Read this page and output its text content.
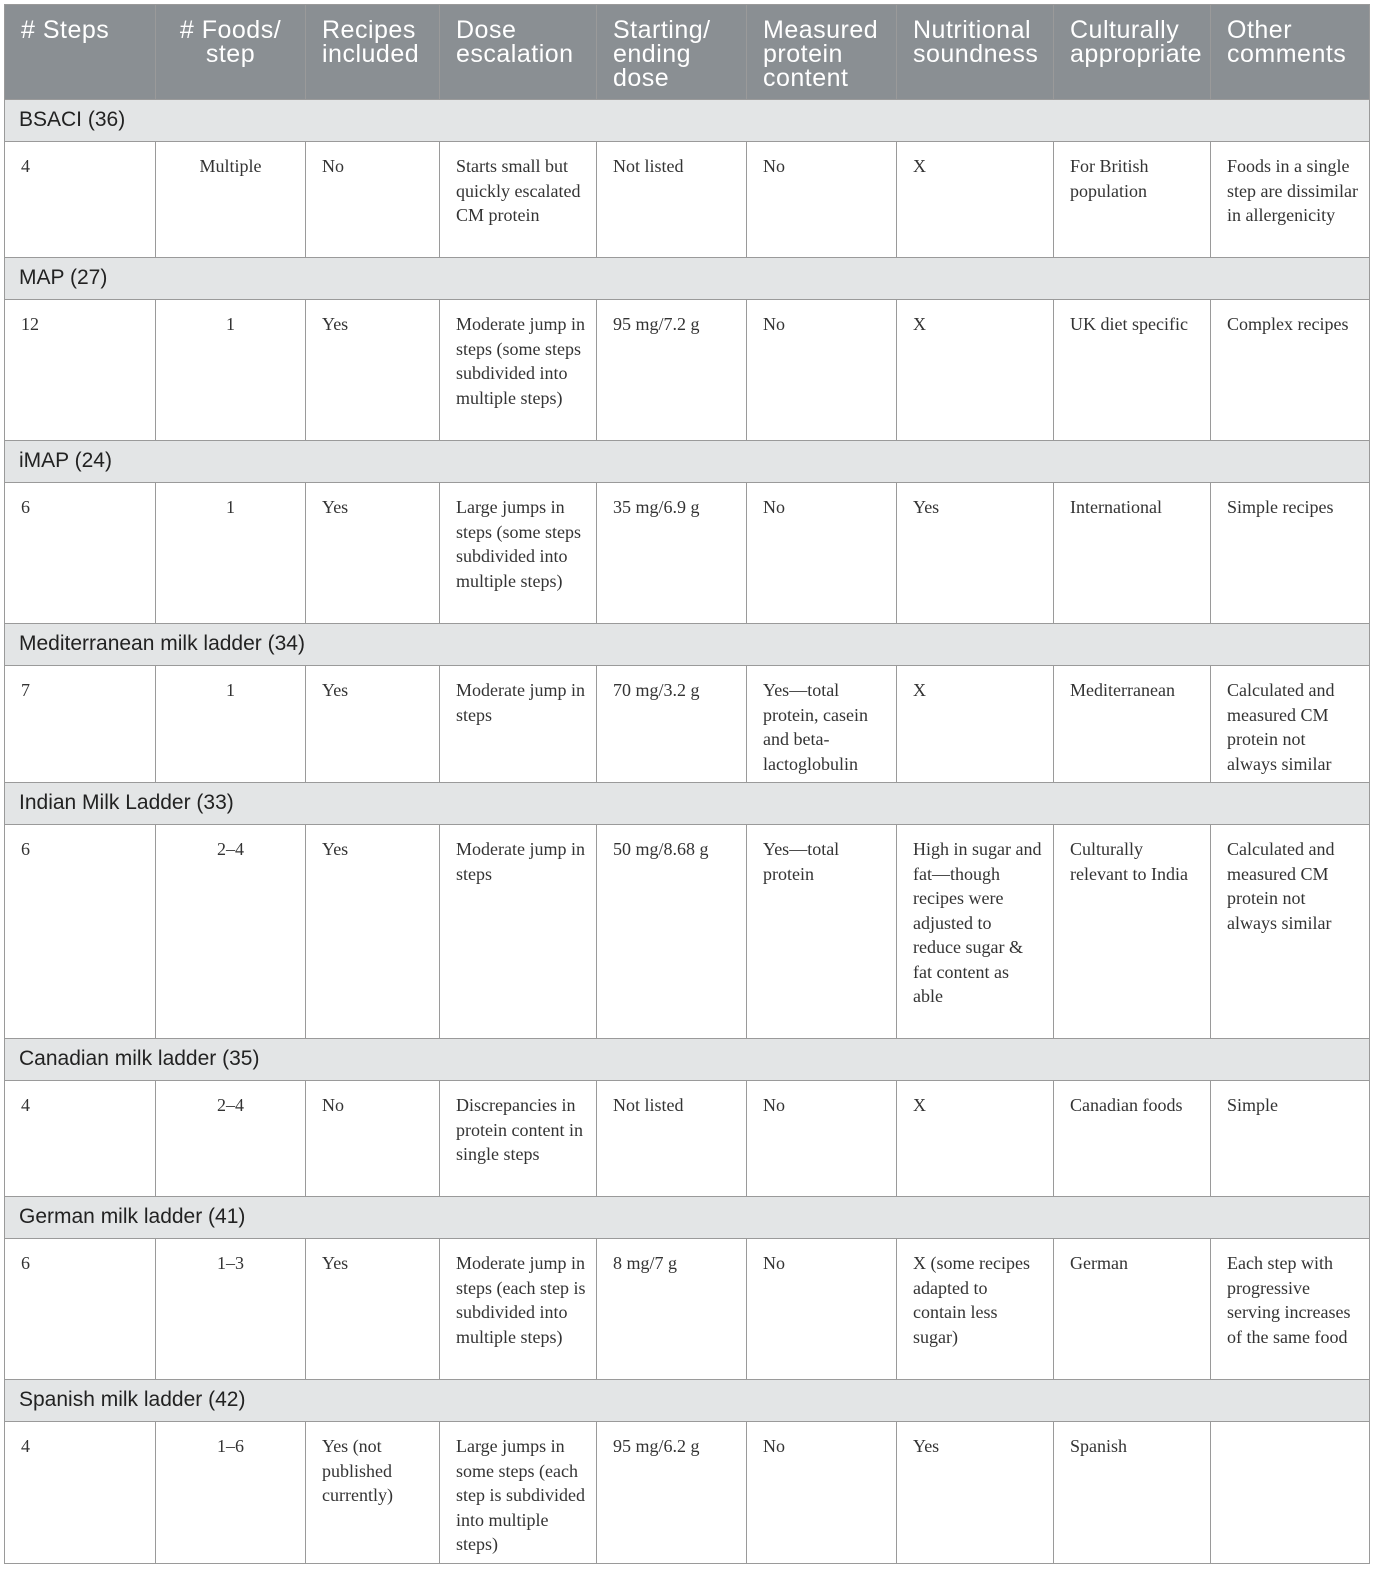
# Steps	# Foods/ step	Recipes included	Dose escalation	Starting/ ending dose	Measured protein content	Nutritional soundness	Culturally appropriate	Other comments
BSACI (36)								
4	Multiple	No	Starts small but quickly escalated CM protein	Not listed	No	X	For British population	Foods in a single step are dissimilar in allergenicity
MAP (27)								
12	1	Yes	Moderate jump in steps (some steps subdivided into multiple steps)	95 mg/7.2 g	No	X	UK diet specific	Complex recipes
iMAP (24)								
6	1	Yes	Large jumps in steps (some steps subdivided into multiple steps)	35 mg/6.9 g	No	Yes	International	Simple recipes
Mediterranean milk ladder (34)								
7	1	Yes	Moderate jump in steps	70 mg/3.2 g	Yes—total protein, casein and beta-lactoglobulin	X	Mediterranean	Calculated and measured CM protein not always similar
Indian Milk Ladder (33)								
6	2–4	Yes	Moderate jump in steps	50 mg/8.68 g	Yes—total protein	High in sugar and fat—though recipes were adjusted to reduce sugar & fat content as able	Culturally relevant to India	Calculated and measured CM protein not always similar
Canadian milk ladder (35)								
4	2–4	No	Discrepancies in protein content in single steps	Not listed	No	X	Canadian foods	Simple
German milk ladder (41)								
6	1–3	Yes	Moderate jump in steps (each step is subdivided into multiple steps)	8 mg/7 g	No	X (some recipes adapted to contain less sugar)	German	Each step with progressive serving increases of the same food
Spanish milk ladder (42)								
4	1–6	Yes (not published currently)	Large jumps in some steps (each step is subdivided into multiple steps)	95 mg/6.2 g	No	Yes	Spanish	
